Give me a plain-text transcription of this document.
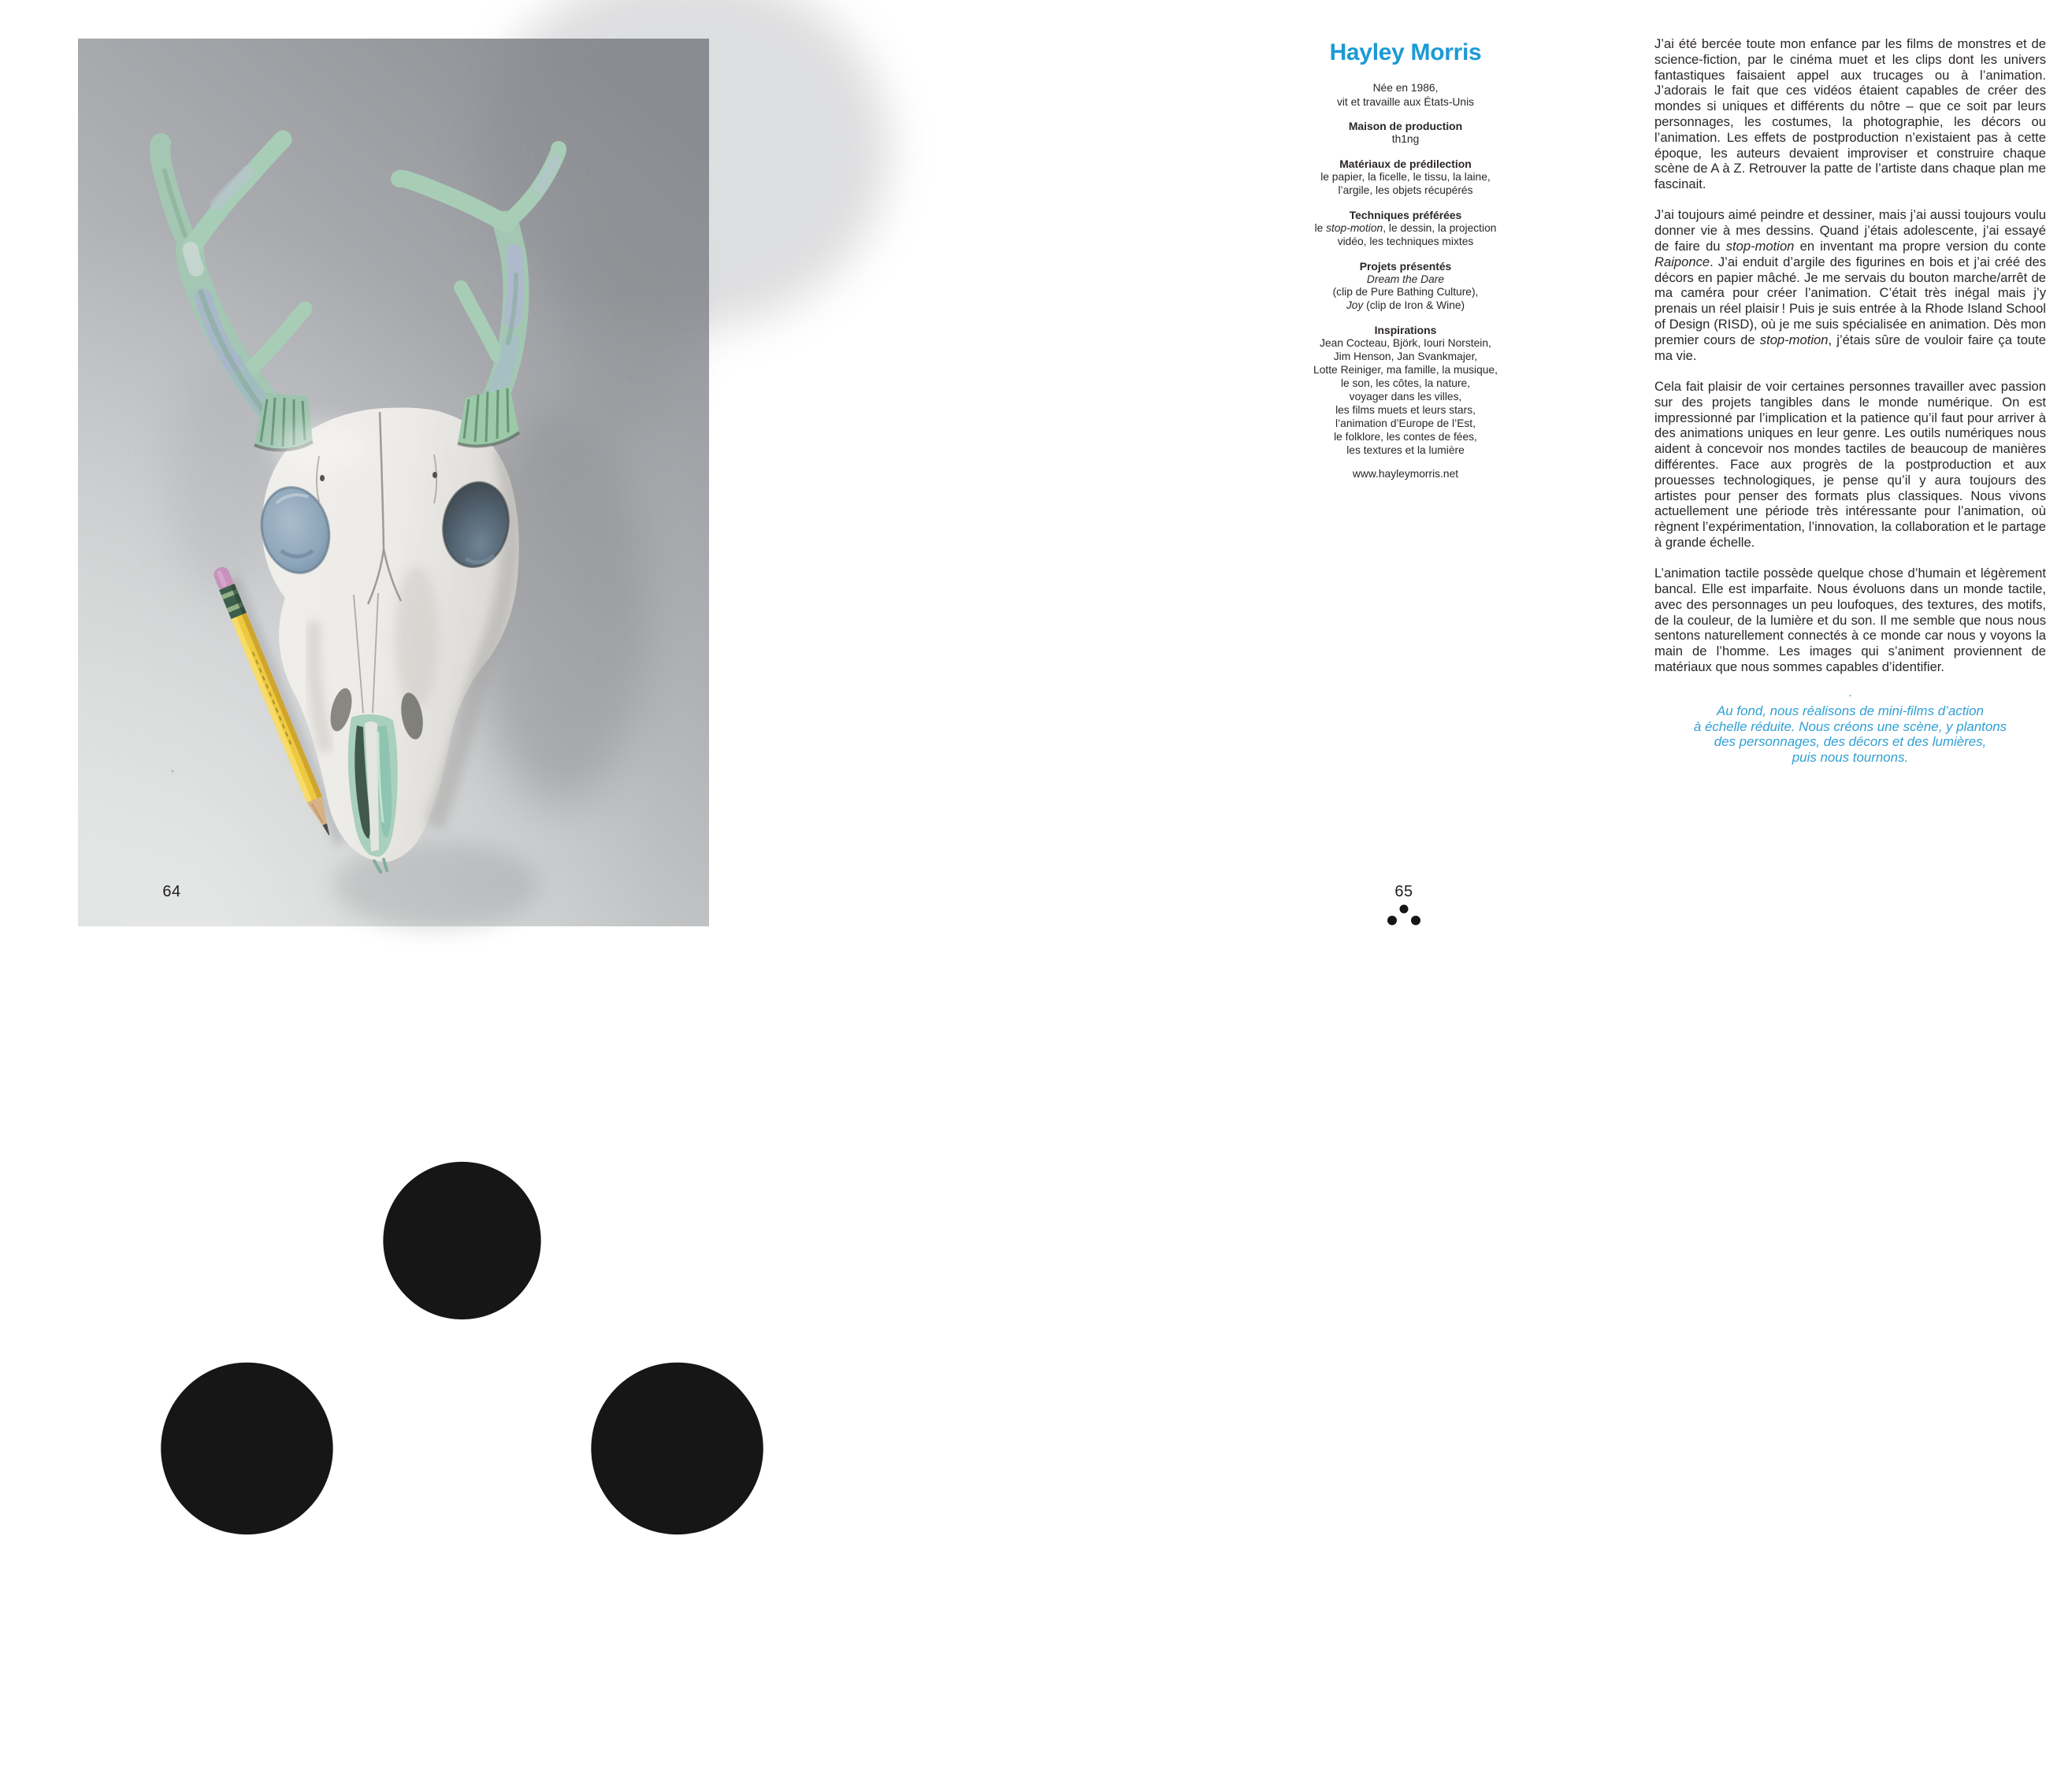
64

J’ai été bercée toute mon enfance par les films de monstres et de science-fiction, par le cinéma muet et les clips dont les univers fantastiques faisaient appel aux trucages ou à l’animation. J’adorais le fait que ces vidéos étaient capables de créer des mondes si uniques et différents du nôtre – que ce soit par leurs personnages, les costumes, la photographie, les décors ou l’animation. Les effets de postproduction n’existaient pas à cette époque, les auteurs devaient improviser et construire chaque scène de A à Z. Retrouver la patte de l’artiste dans chaque plan me fascinait.

J’ai toujours aimé peindre et dessiner, mais j’ai aussi toujours voulu donner vie à mes dessins. Quand j’étais adolescente, j’ai essayé de faire du stop-motion en inventant ma propre version du conte Raiponce. J’ai enduit d’argile des figurines en bois et j’ai créé des décors en papier mâché. Je me servais du bouton marche/arrêt de ma caméra pour créer l’animation. C’était très inégal mais j’y prenais un réel plaisir ! Puis je suis entrée à la Rhode Island School of Design (RISD), où je me suis spécialisée en animation. Dès mon premier cours de stop-motion, j’étais sûre de vouloir faire ça toute ma vie.

Cela fait plaisir de voir certaines personnes travailler avec passion sur des projets tangibles dans le monde numérique. On est impressionné par l’implication et la patience qu’il faut pour arriver à des animations uniques en leur genre. Les outils numériques nous aident à concevoir nos mondes tactiles de beaucoup de manières différentes. Face aux progrès de la postproduction et aux prouesses technologiques, je pense qu’il y aura toujours des artistes pour penser des formats plus classiques. Nous vivons actuellement une période très intéressante pour l’animation, où règnent l’expérimentation, l’innovation, la collaboration et le partage à grande échelle.

L’animation tactile possède quelque chose d’humain et légèrement bancal. Elle est imparfaite. Nous évoluons dans un monde tactile, avec des personnages un peu loufoques, des textures, des motifs, de la couleur, de la lumière et du son. Il me semble que nous nous sentons naturellement connectés à ce monde car nous y voyons la main de l’homme. Les images qui s’animent proviennent de matériaux que nous sommes capables d’identifier.

.
Au fond, nous réalisons de mini-films d’action
à échelle réduite. Nous créons une scène, y plantons
des personnages, des décors et des lumières,
puis nous tournons.
Hayley Morris
Née en 1986,
vit et travaille aux États-Unis
Maison de production
th1ng
Matériaux de prédilection
le papier, la ficelle, le tissu, la laine,
l’argile, les objets récupérés
Techniques préférées
le stop-motion, le dessin, la projection
vidéo, les techniques mixtes
Projets présentés
Dream the Dare
(clip de Pure Bathing Culture),
Joy (clip de Iron & Wine)
Inspirations
Jean Cocteau, Björk, Iouri Norstein,
Jim Henson, Jan Svankmajer,
Lotte Reiniger, ma famille, la musique,
le son, les côtes, la nature,
voyager dans les villes,
les films muets et leurs stars,
l’animation d’Europe de l’Est,
le folklore, les contes de fées,
les textures et la lumière
www.hayleymorris.net
65
